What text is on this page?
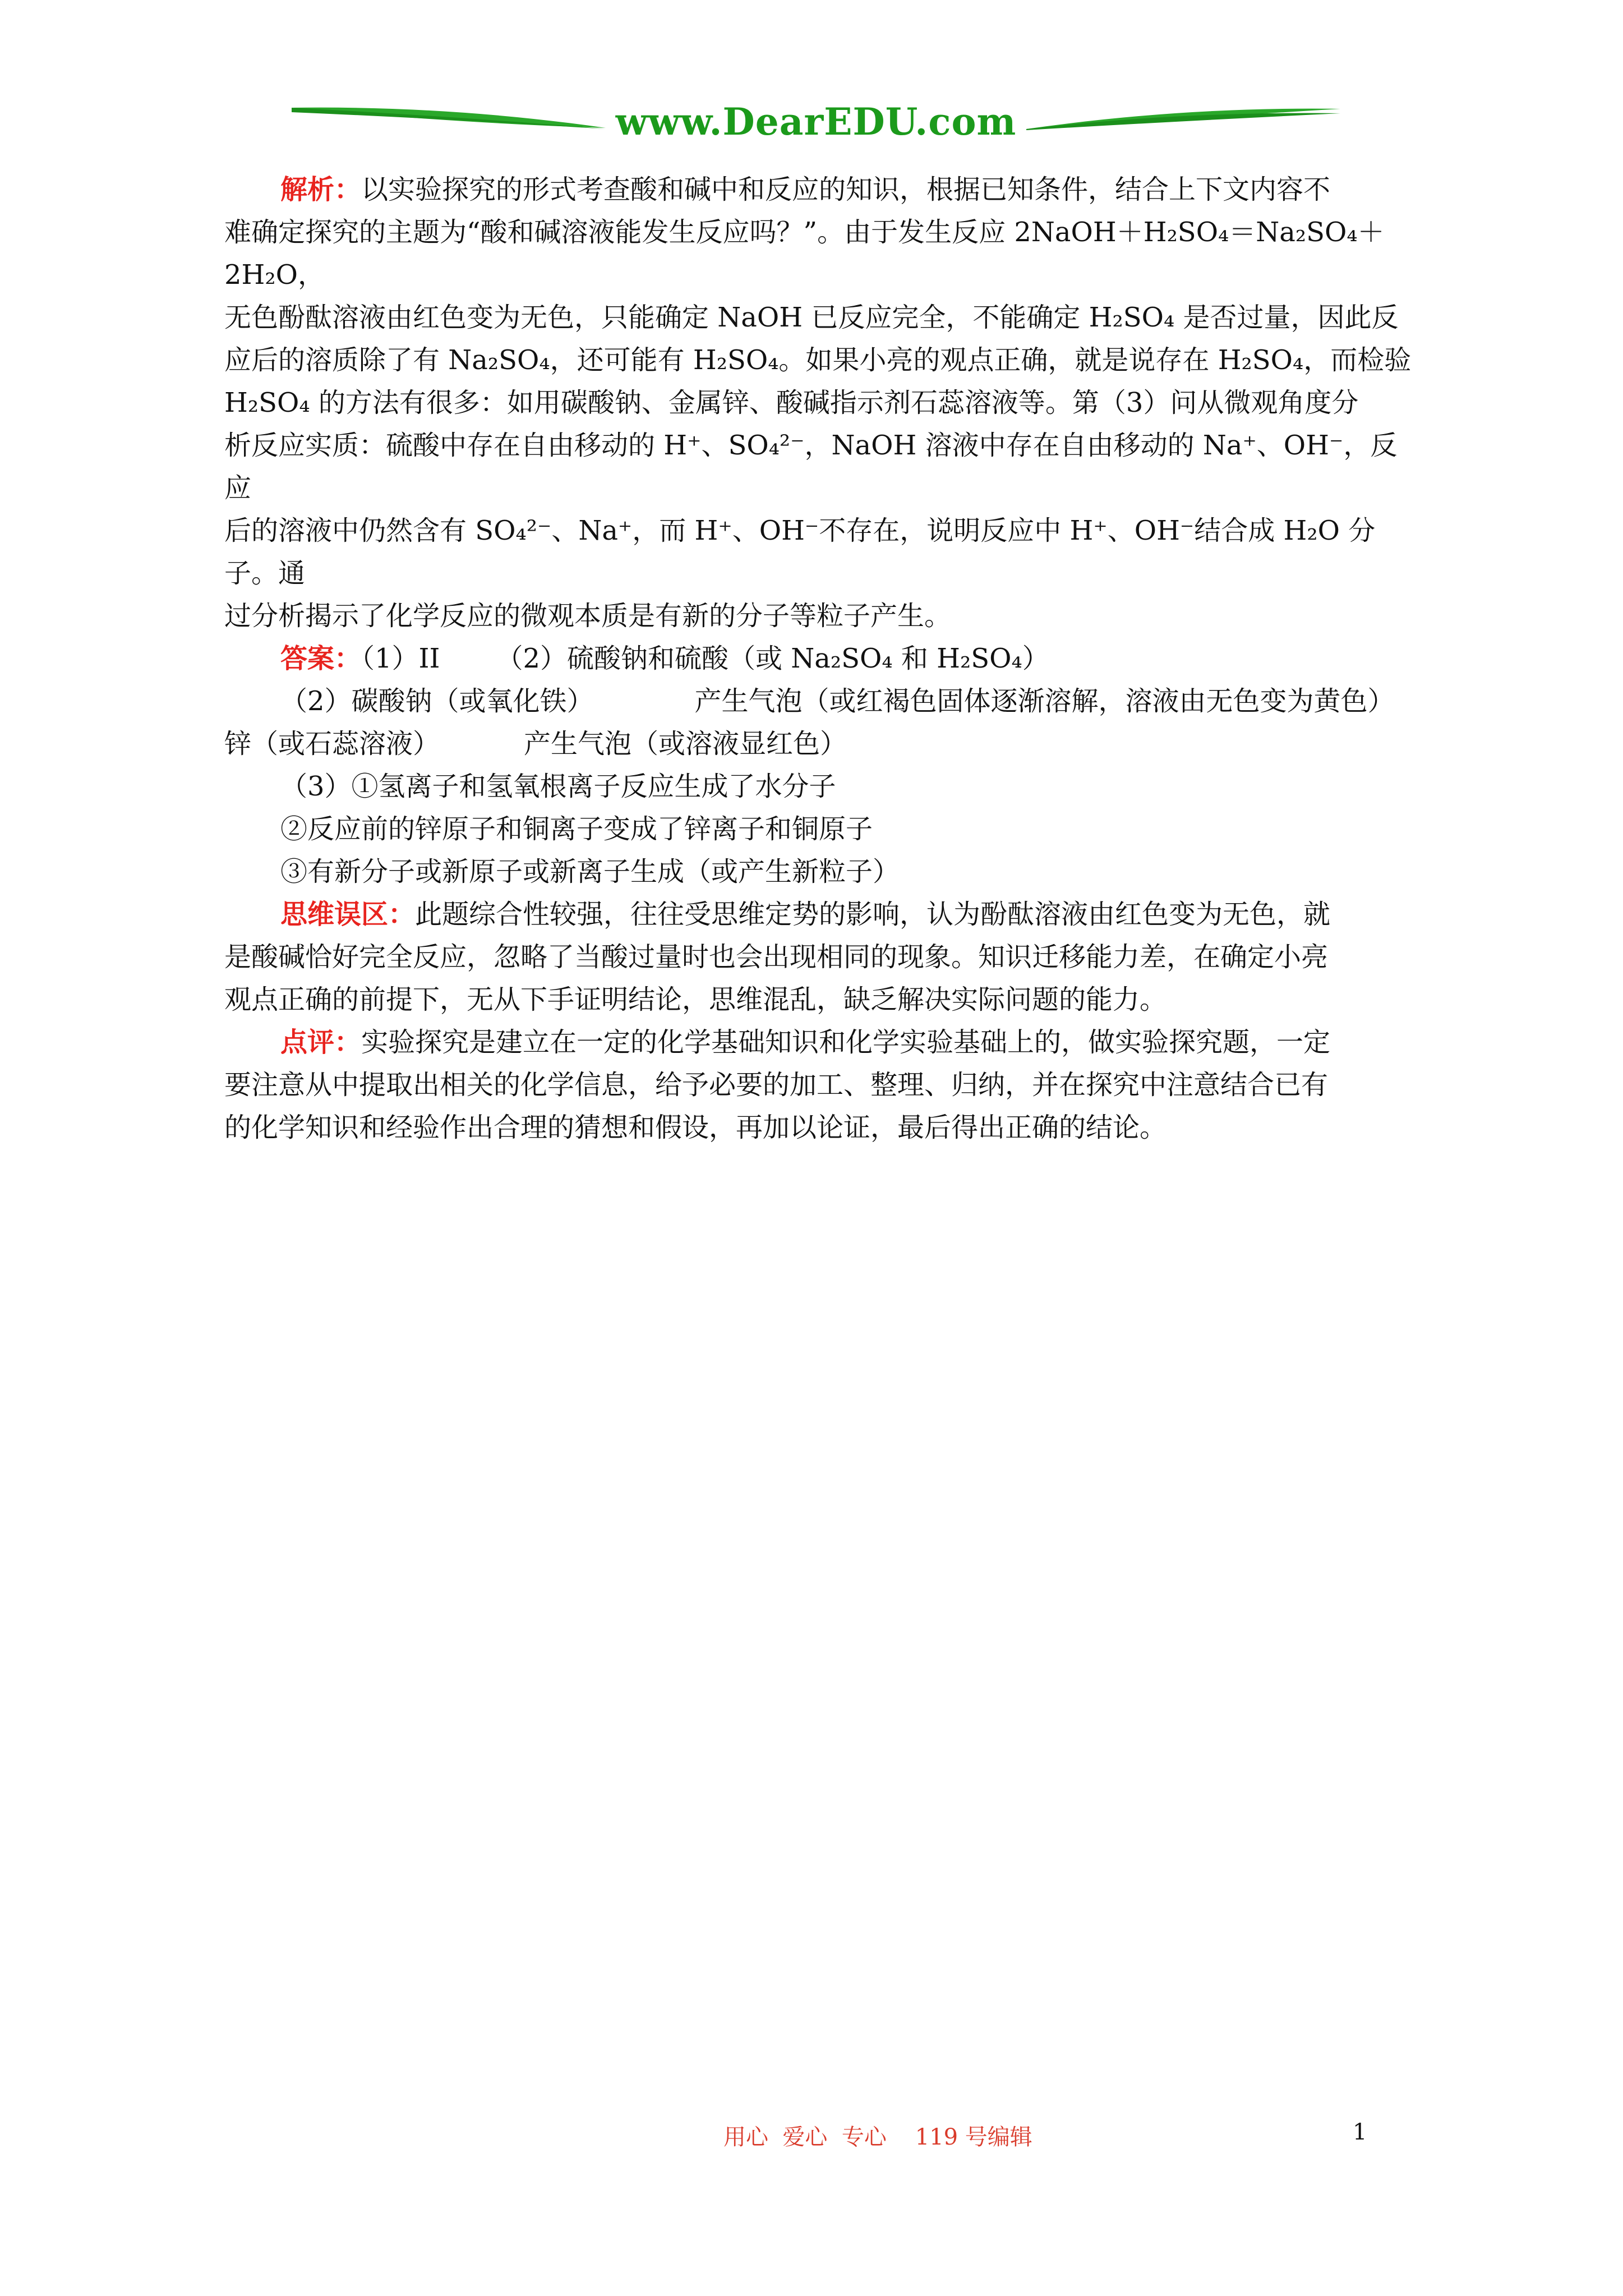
www.DearEDU.com

解析：以实验探究的形式考查酸和碱中和反应的知识，根据已知条件，结合上下文内容不

难确定探究的主题为“酸和碱溶液能发生反应吗？”。由于发生反应 2NaOH＋H₂SO₄＝Na₂SO₄＋2H₂O，

无色酚酞溶液由红色变为无色，只能确定 NaOH 已反应完全，不能确定 H₂SO₄ 是否过量，因此反

应后的溶质除了有 Na₂SO₄，还可能有 H₂SO₄。如果小亮的观点正确，就是说存在 H₂SO₄，而检验

H₂SO₄ 的方法有很多：如用碳酸钠、金属锌、酸碱指示剂石蕊溶液等。第（3）问从微观角度分

析反应实质：硫酸中存在自由移动的 H⁺、SO₄²⁻，NaOH 溶液中存在自由移动的 Na⁺、OH⁻，反应

后的溶液中仍然含有 SO₄²⁻、Na⁺，而 H⁺、OH⁻不存在，说明反应中 H⁺、OH⁻结合成 H₂O 分子。通

过分析揭示了化学反应的微观本质是有新的分子等粒子产生。

答案：（1）II （2）硫酸钠和硫酸（或 Na₂SO₄ 和 H₂SO₄）

（2）碳酸钠（或氧化铁）	产生气泡（或红褐色固体逐渐溶解，溶液由无色变为黄色）

锌（或石蕊溶液）	产生气泡（或溶液显红色）

（3）①氢离子和氢氧根离子反应生成了水分子

②反应前的锌原子和铜离子变成了锌离子和铜原子

③有新分子或新原子或新离子生成（或产生新粒子）

思维误区：此题综合性较强，往往受思维定势的影响，认为酚酞溶液由红色变为无色，就

是酸碱恰好完全反应，忽略了当酸过量时也会出现相同的现象。知识迁移能力差，在确定小亮

观点正确的前提下，无从下手证明结论，思维混乱，缺乏解决实际问题的能力。

点评：实验探究是建立在一定的化学基础知识和化学实验基础上的，做实验探究题，一定

要注意从中提取出相关的化学信息，给予必要的加工、整理、归纳，并在探究中注意结合已有

的化学知识和经验作出合理的猜想和假设，再加以论证，最后得出正确的结论。

用心  爱心  专心    119 号编辑	1
